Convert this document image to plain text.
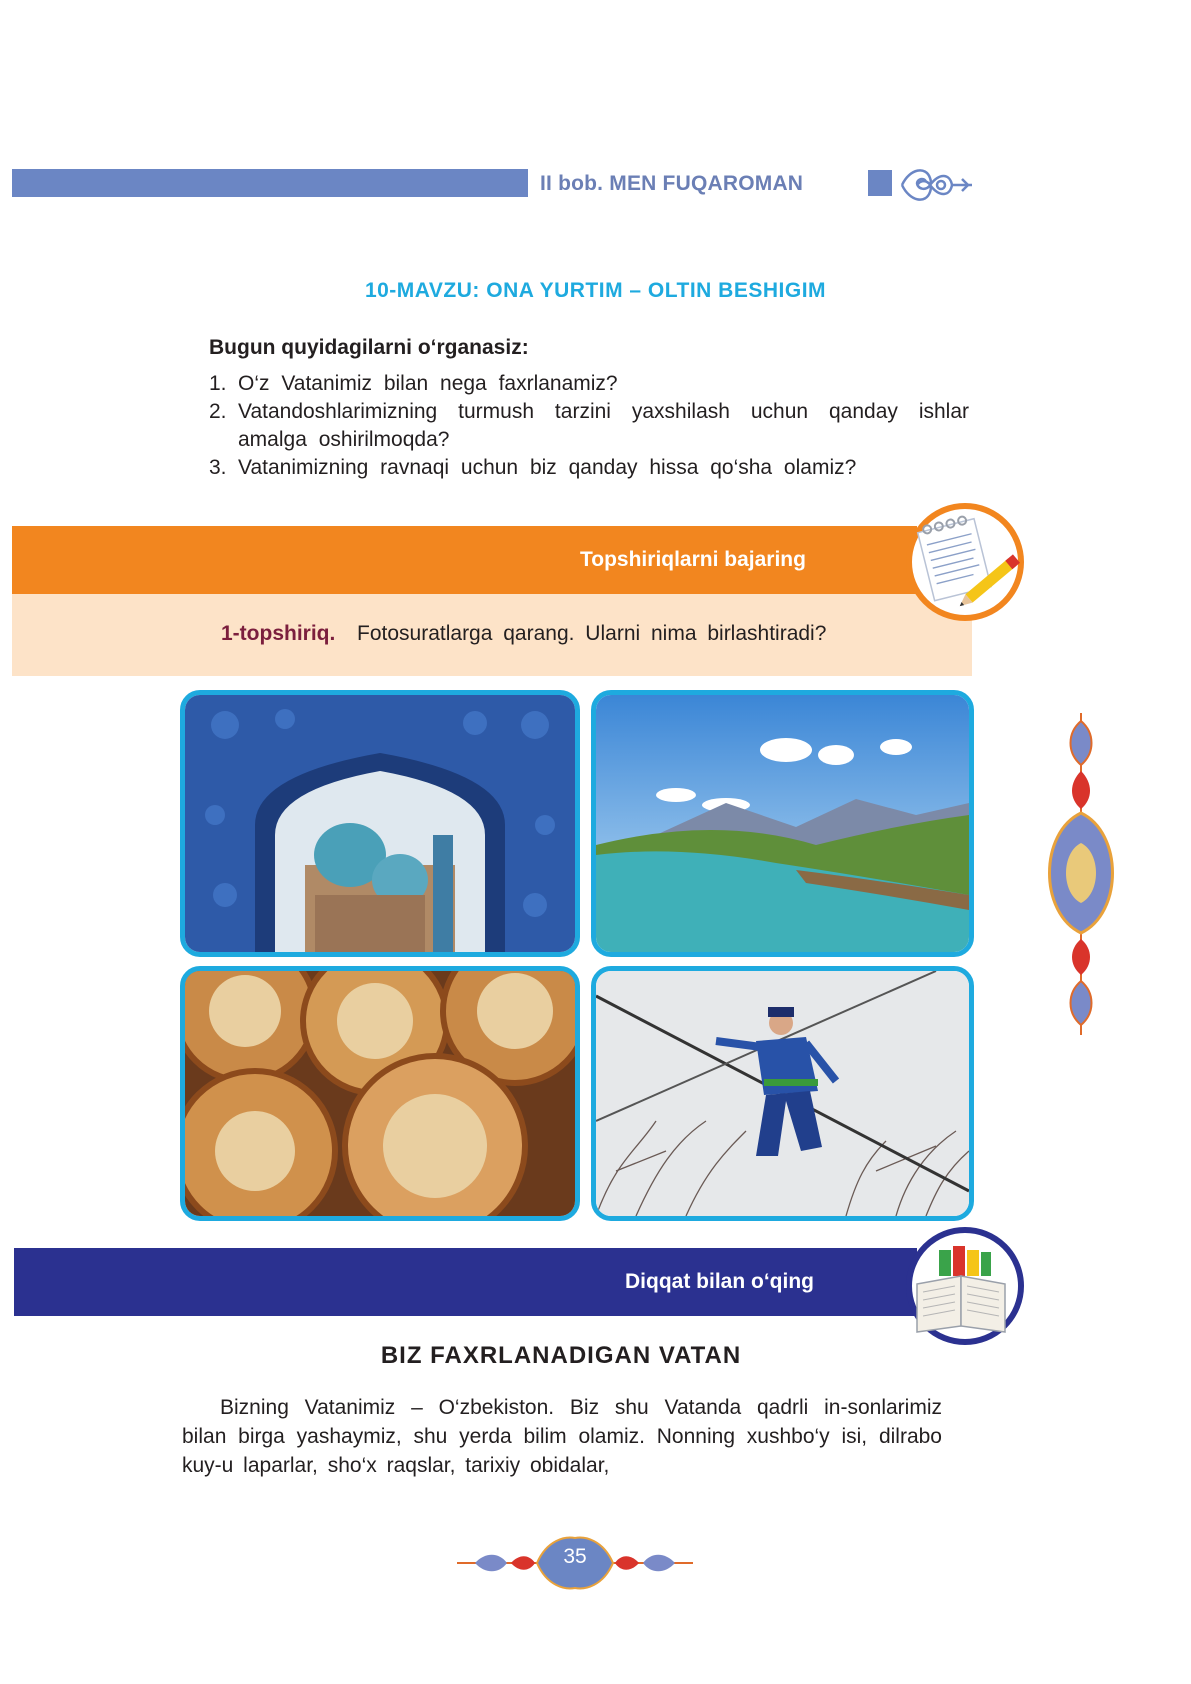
II bob. MEN FUQAROMAN
10-MAVZU: ONA YURTIM – OLTIN BESHIGIM
Bugun quyidagilarni o‘rganasiz:
1. O‘z Vatanimiz bilan nega faxrlanamiz?
2. Vatandoshlarimizning turmush tarzini yaxshilash uchun qanday ishlar amalga oshirilmoqda?
3. Vatanimizning ravnaqi uchun biz qanday hissa qo‘sha olamiz?
Topshiriqlarni bajaring
1-topshiriq. Fotosuratlarga qarang. Ularni nima birlashtiradi?
Diqqat bilan o‘qing
BIZ FAXRLANADIGAN VATAN

Bizning Vatanimiz – O‘zbekiston. Biz shu Vatanda qadrli in-sonlarimiz bilan birga yashaymiz, shu yerda bilim olamiz. Nonning xushbo‘y isi, dilrabo kuy-u laparlar, sho‘x raqslar, tarixiy obidalar,

35
